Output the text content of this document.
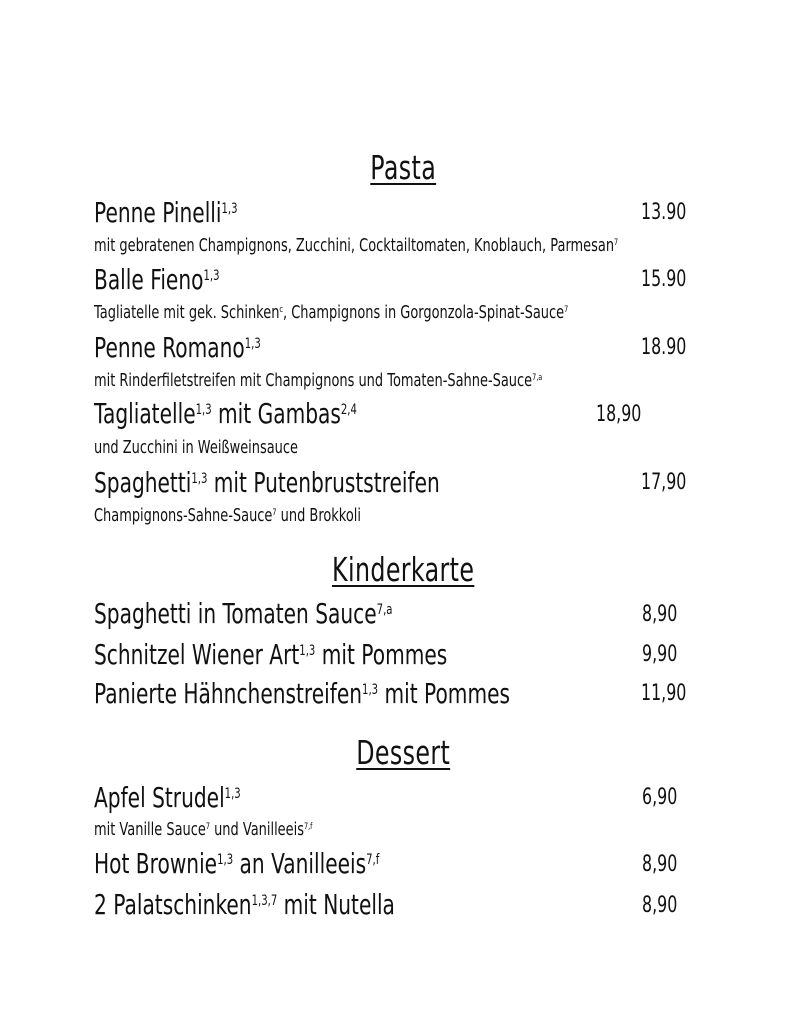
Pasta
Penne Pinelli$^{1,3}$	13.90
mit gebratenen Champignons, Zucchini, Cocktailtomaten, Knoblauch, Parmesan$^7$
Balle Fieno$^{1,3}$	15.90
Tagliatelle mit gek. Schinken$^c$, Champignons in Gorgonzola-Spinat-Sauce$^7$
Penne Romano$^{1,3}$	18.90
mit Rinderfiletstreifen mit Champignons und Tomaten-Sahne-Sauce$^{7,a}$
Tagliatelle$^{1,3}$ mit Gambas$^{2,4}$	18,90
und Zucchini in Weißweinsauce
Spaghetti$^{1,3}$ mit Putenbruststreifen	17,90
Champignons-Sahne-Sauce$^7$ und Brokkoli
Kinderkarte
Spaghetti in Tomaten Sauce$^{7,a}$	8,90
Schnitzel Wiener Art$^{1,3}$ mit Pommes	9,90
Panierte Hähnchenstreifen$^{1,3}$ mit Pommes	11,90
Dessert
Apfel Strudel$^{1,3}$	6,90
mit Vanille Sauce$^7$ und Vanilleeis$^{7,f}$
Hot Brownie$^{1,3}$ an Vanilleeis$^{7,f}$	8,90
2 Palatschinken$^{1,3,7}$ mit Nutella	8,90
